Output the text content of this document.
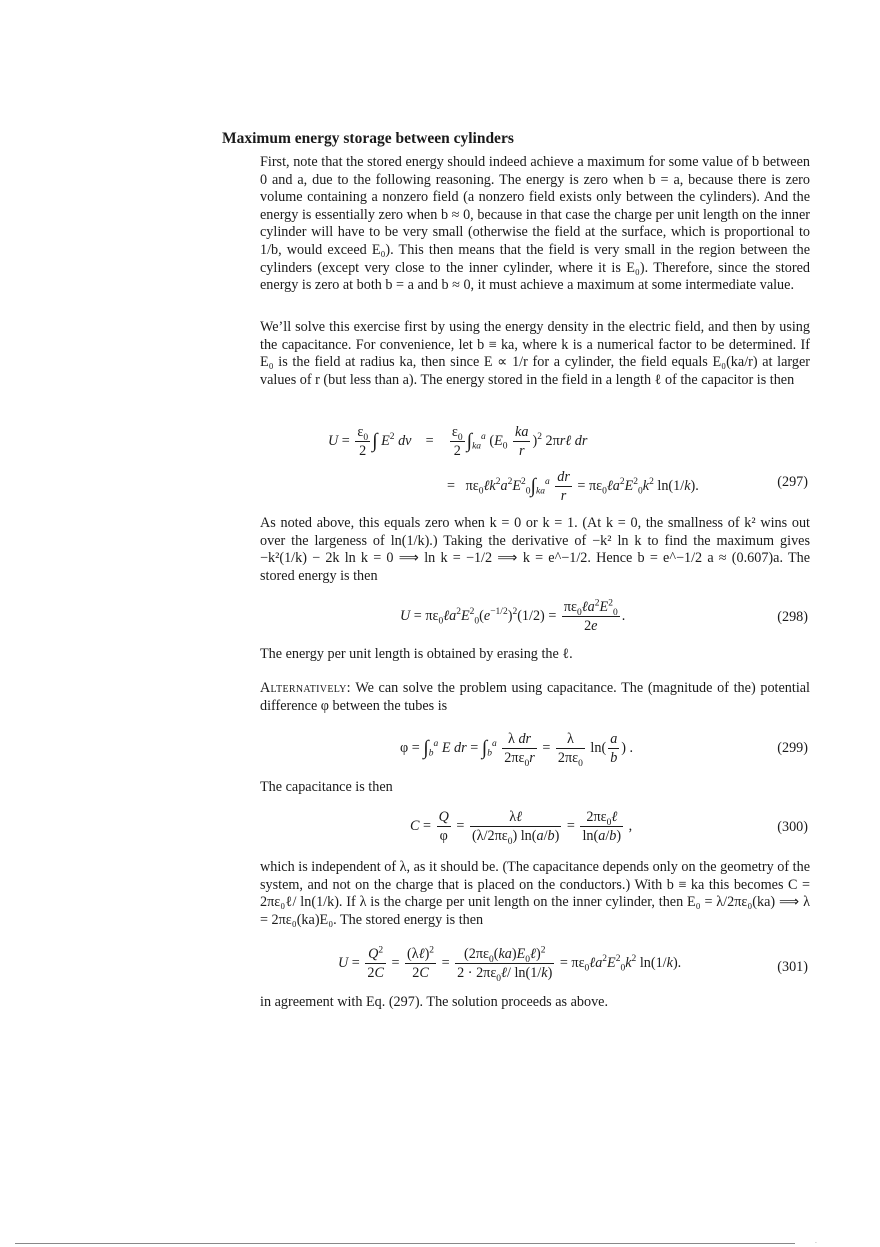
Maximum energy storage between cylinders

First, note that the stored energy should indeed achieve a maximum for some value of b between 0 and a, due to the following reasoning. The energy is zero when b = a, because there is zero volume containing a nonzero field (a nonzero field exists only between the cylinders). And the energy is essentially zero when b ≈ 0, because in that case the charge per unit length on the inner cylinder will have to be very small (otherwise the field at the surface, which is proportional to 1/b, would exceed E₀). This then means that the field is very small in the region between the cylinders (except very close to the inner cylinder, where it is E₀). Therefore, since the stored energy is zero at both b = a and b ≈ 0, it must achieve a maximum at some intermediate value.

We’ll solve this exercise first by using the energy density in the electric field, and then by using the capacitance. For convenience, let b ≡ ka, where k is a numerical factor to be determined. If E₀ is the field at radius ka, then since E ∝ 1/r for a cylinder, the field equals E₀(ka/r) at larger values of r (but less than a). The energy stored in the field in a length ℓ of the capacitor is then

$U = \frac{\varepsilon_0}{2}$ ∫ $E^2$ dv    = $\frac{\varepsilon_0}{2} \int_{ka}^a$ $(E_0 \frac{ka}{r} )^2$ 2πrℓ dr
=   $\pi\varepsilon_0\ell k^2a^2E^2_0\int_{ka}^a \frac{dr}{r}$ = $\pi\varepsilon_0\ell a^2E^2_0k^2$ ln(1/k).	(297)

As noted above, this equals zero when k = 0 or k = 1. (At k = 0, the smallness of k² wins out over the largeness of ln(1/k).) Taking the derivative of −k² ln k to find the maximum gives −k²(1/k) − 2k ln k = 0 ⟹ ln k = −1/2 ⟹ k = e^−1/2. Hence b = e^−1/2 a ≈ (0.607)a. The stored energy is then

$U = \pi\varepsilon_0\ell a^2E^2_0(e^{-1/2})^2(1/2) = \frac{\pi\varepsilon_0\ell a^2E^2_0}{2e}$ .	(298)

The energy per unit length is obtained by erasing the ℓ.

Alternatively: We can solve the problem using capacitance. The (magnitude of the) potential difference φ between the tubes is

$\varphi = \int_b^a$ E dr = $\int_b^a \frac{\text{λ dr}}{2\pi\varepsilon_0r} = \frac{\lambda}{2\pi\varepsilon_0} \ln( \frac{a}{b}$ ) .	(299)

The capacitance is then

$C = \frac{Q}{\varphi} = \frac{\text{λℓ}}{(\lambda/2\pi\varepsilon_0) \ln(a/b)} = \frac{2\pi\varepsilon_0\ell}{\ln(a/b)}$ ,	(300)

which is independent of λ, as it should be. (The capacitance depends only on the geometry of the system, and not on the charge that is placed on the conductors.) With b ≡ ka this becomes C = 2πε₀ℓ/ ln(1/k). If λ is the charge per unit length on the inner cylinder, then E₀ = λ/2πε₀(ka) ⟹ λ = 2πε₀(ka)E₀. The stored energy is then

$U = \frac{Q^2}{2C} = \frac{(\lambda\ell)^2}{2C} = \frac{(2\pi\varepsilon_0(ka)E_0\ell)^2}{2 \cdot 2\pi\varepsilon_0\ell/ \ln(1/k)}$ = $\pi\varepsilon_0\ell a^2E^2_0k^2$ ln(1/k).	(301)

in agreement with Eq. (297). The solution proceeds as above.

·
